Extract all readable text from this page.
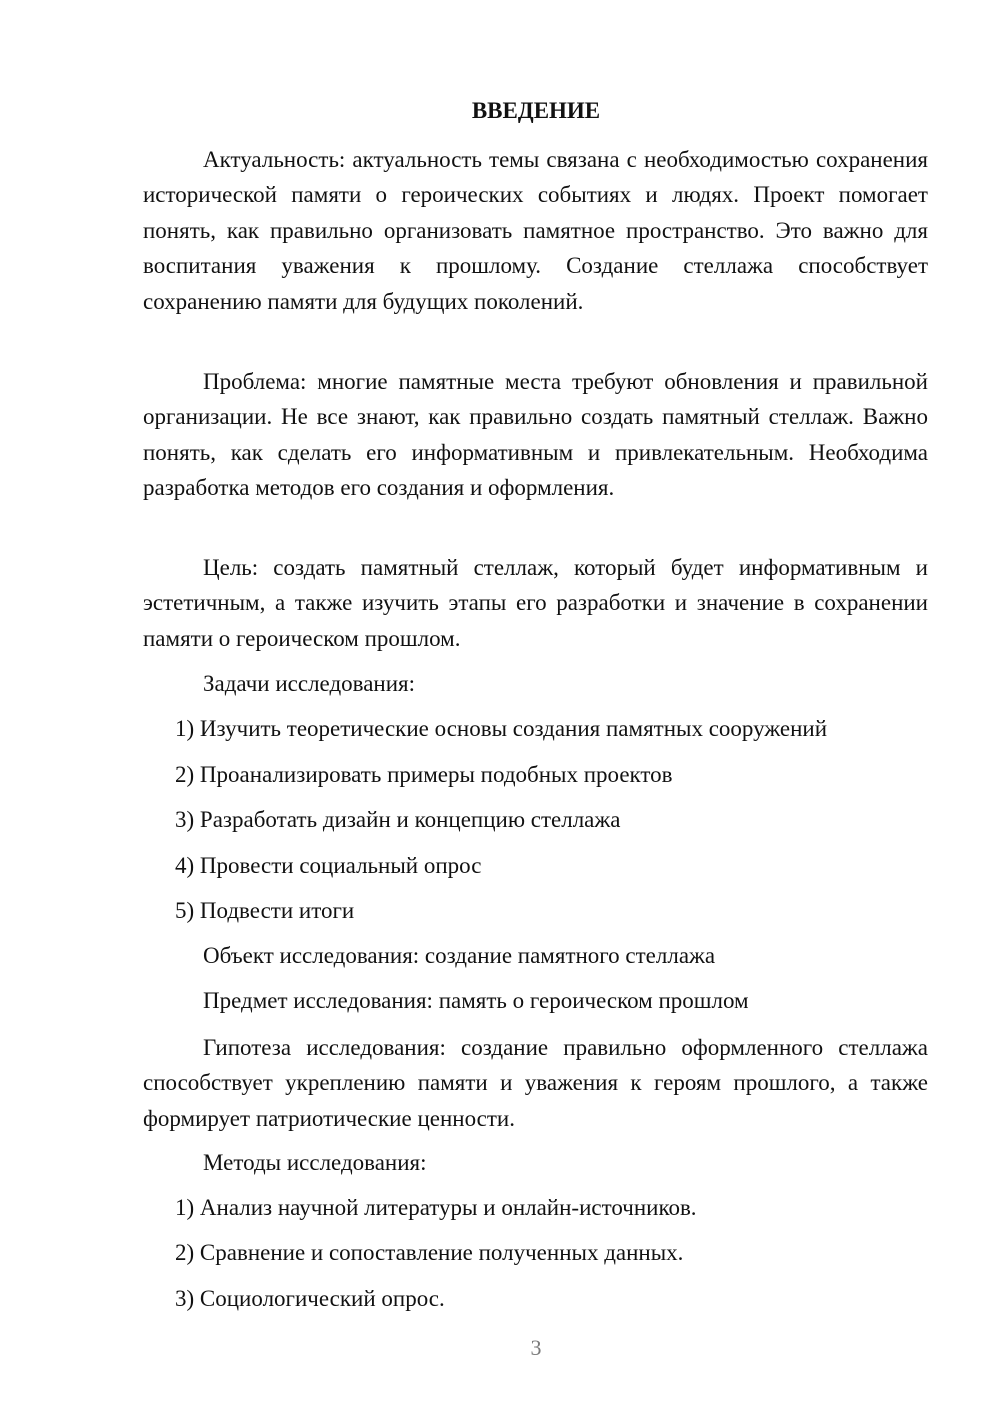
ВВЕДЕНИЕ

Актуальность: актуальность темы связана с необходимостью сохранения исторической памяти о героических событиях и людях. Проект помогает понять, как правильно организовать памятное пространство. Это важно для воспитания уважения к прошлому. Создание стеллажа способствует сохранению памяти для будущих поколений.

Проблема: многие памятные места требуют обновления и правильной организации. Не все знают, как правильно создать памятный стеллаж. Важно понять, как сделать его информативным и привлекательным. Необходима разработка методов его создания и оформления.

Цель: создать памятный стеллаж, который будет информативным и эстетичным, а также изучить этапы его разработки и значение в сохранении памяти о героическом прошлом.

Задачи исследования:

1) Изучить теоретические основы создания памятных сооружений

2) Проанализировать примеры подобных проектов

3) Разработать дизайн и концепцию стеллажа

4) Провести социальный опрос

5) Подвести итоги

Объект исследования: создание памятного стеллажа

Предмет исследования: память о героическом прошлом

Гипотеза исследования: создание правильно оформленного стеллажа способствует укреплению памяти и уважения к героям прошлого, а также формирует патриотические ценности.

Методы исследования:

1) Анализ научной литературы и онлайн-источников.

2) Сравнение и сопоставление полученных данных.

3) Социологический опрос.

3
